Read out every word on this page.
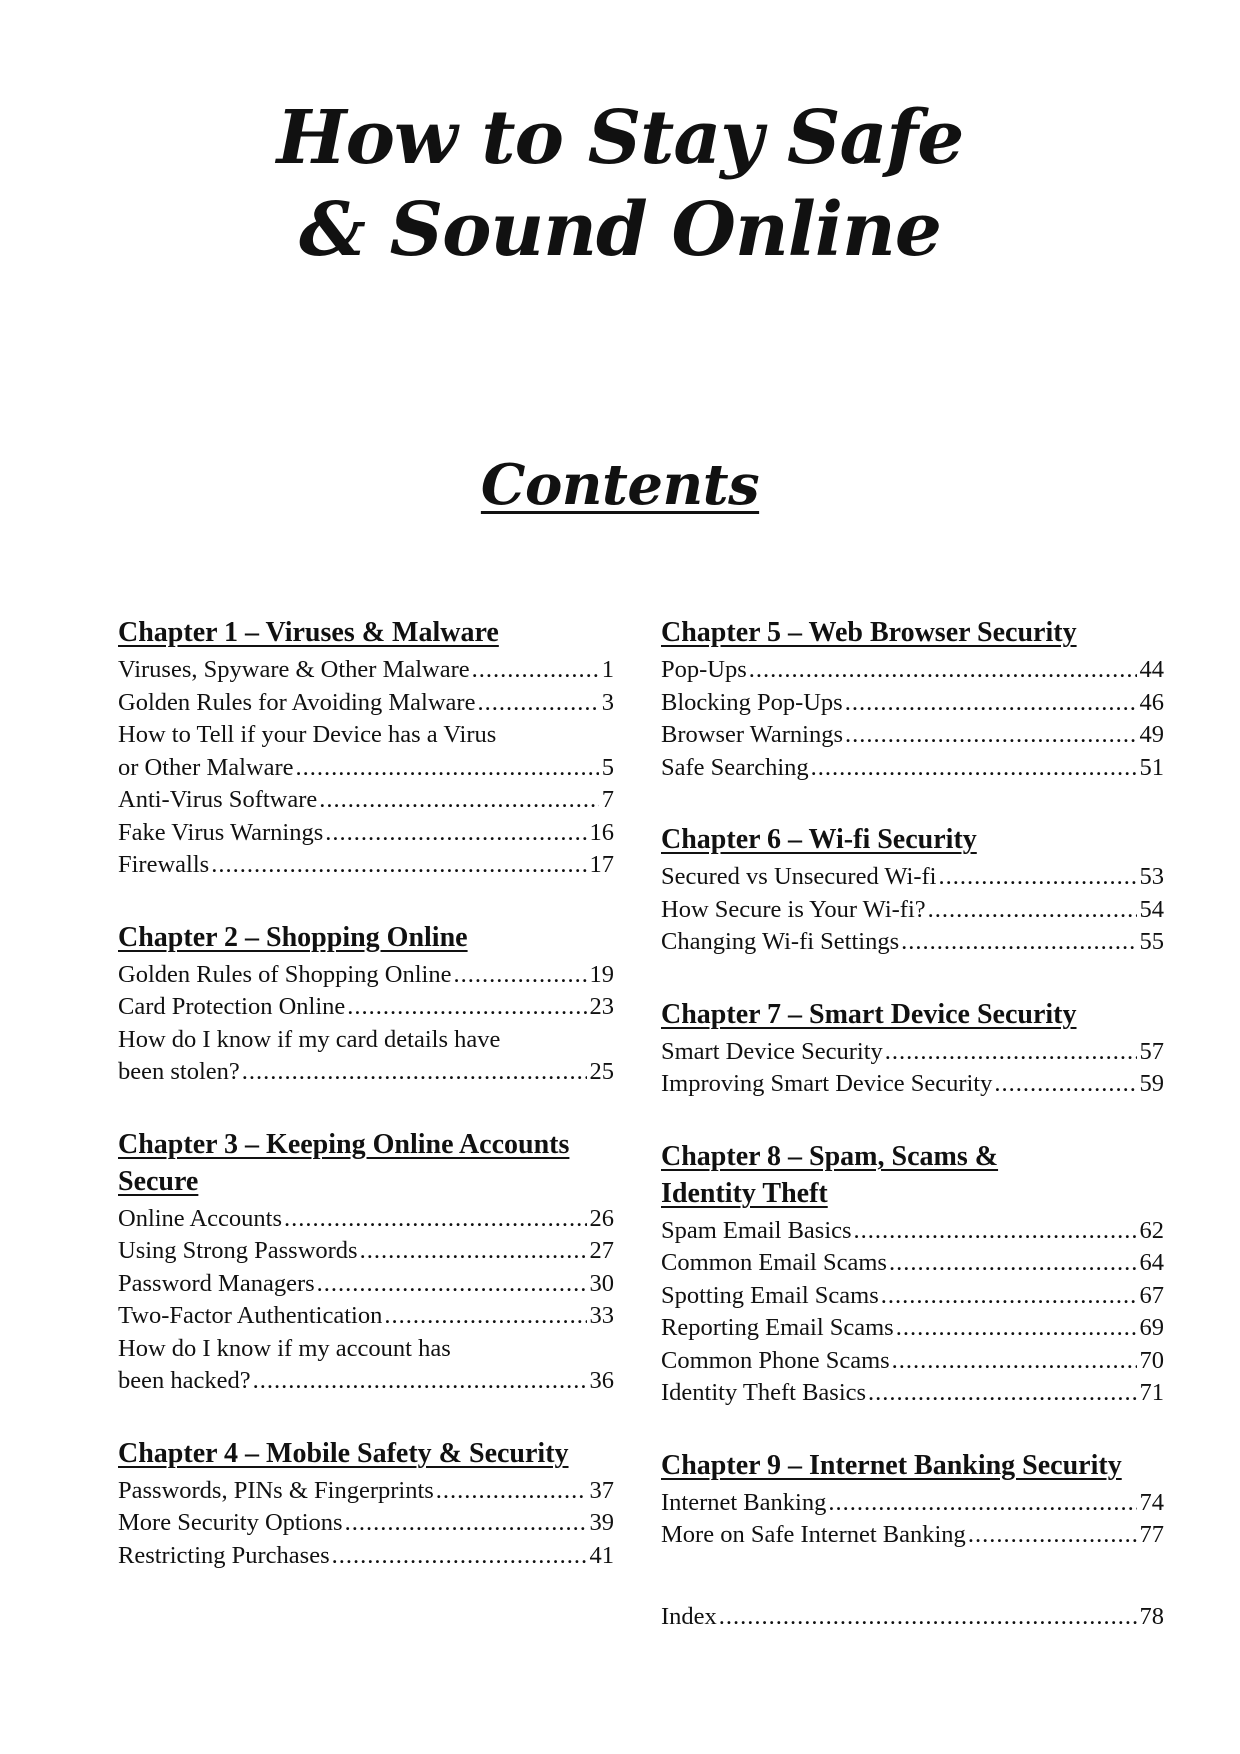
How to Stay Safe
& Sound Online
Contents
Chapter 1 – Viruses & Malware
Viruses, Spyware & Other Malware .....	1
Golden Rules for Avoiding Malware .....	3
How to Tell if your Device has a Virus
or Other Malware .....	5
Anti-Virus Software .....	7
Fake Virus Warnings .....	16
Firewalls .....	17
Chapter 2 – Shopping Online
Golden Rules of Shopping Online .....	19
Card Protection Online .....	23
How do I know if my card details have
been stolen? .....	25
Chapter 3 – Keeping Online Accounts
Secure
Online Accounts .....	26
Using Strong Passwords .....	27
Password Managers .....	30
Two-Factor Authentication .....	33
How do I know if my account has
been hacked? .....	36
Chapter 4 – Mobile Safety & Security
Passwords, PINs & Fingerprints .....	37
More Security Options .....	39
Restricting Purchases .....	41
Chapter 5 – Web Browser Security
Pop-Ups .....	44
Blocking Pop-Ups .....	46
Browser Warnings .....	49
Safe Searching .....	51
Chapter 6 – Wi-fi Security
Secured vs Unsecured Wi-fi .....	53
How Secure is Your Wi-fi? .....	54
Changing Wi-fi Settings .....	55
Chapter 7 – Smart Device Security
Smart Device Security .....	57
Improving Smart Device Security .....	59
Chapter 8 – Spam, Scams &
Identity Theft
Spam Email Basics .....	62
Common Email Scams .....	64
Spotting Email Scams .....	67
Reporting Email Scams .....	69
Common Phone Scams .....	70
Identity Theft Basics .....	71
Chapter 9 – Internet Banking Security
Internet Banking .....	74
More on Safe Internet Banking .....	77
Index .....	78
